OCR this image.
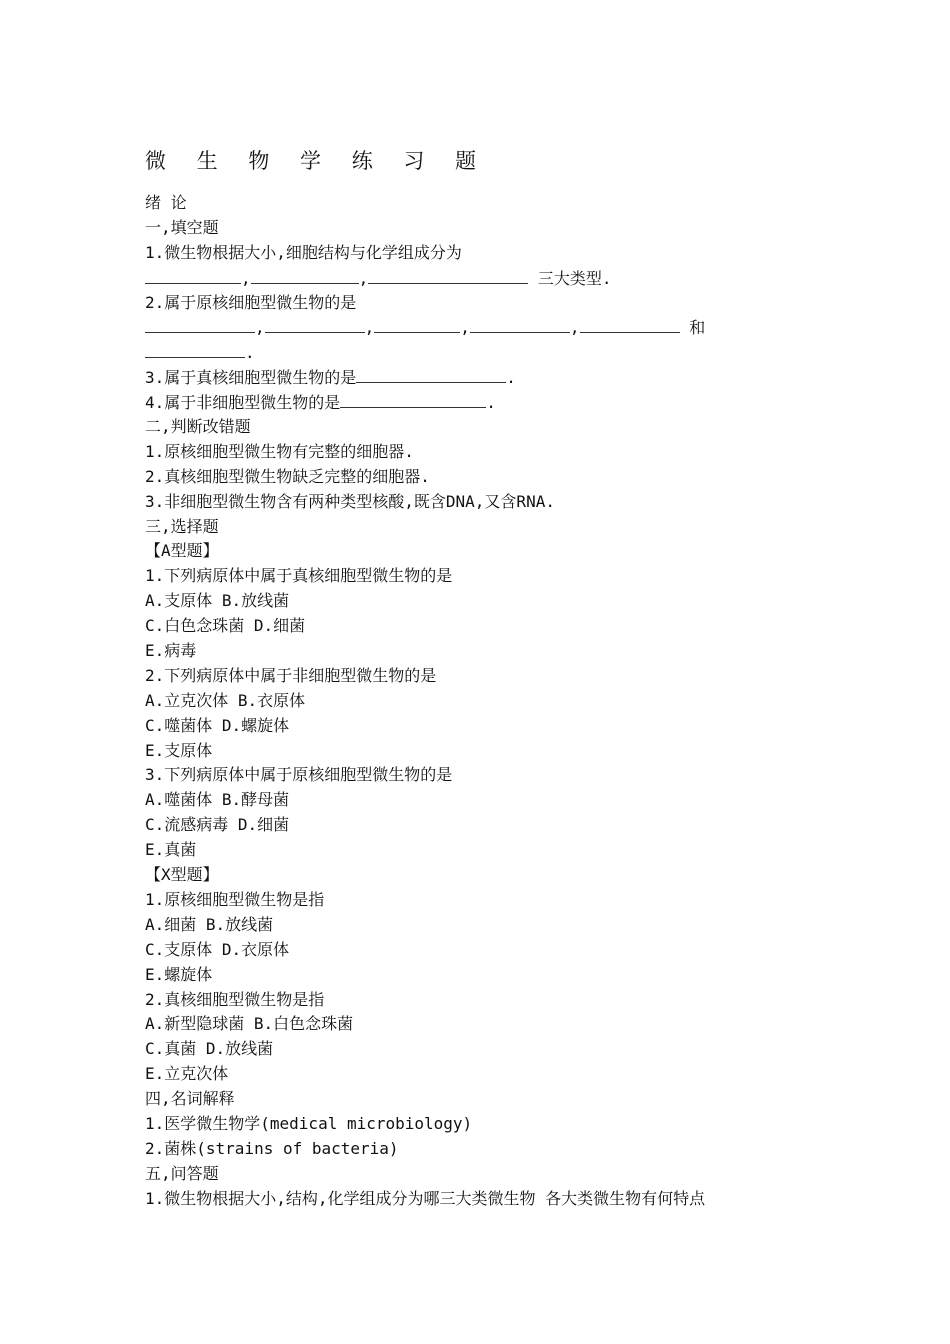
微 生 物 学 练 习 题
绪 论
一,填空题
1.微生物根据大小,细胞结构与化学组成分为
,	,	三大类型.
2.属于原核细胞型微生物的是
,	,	,	,	和
.
3.属于真核细胞型微生物的是	.
4.属于非细胞型微生物的是	.
二,判断改错题
1.原核细胞型微生物有完整的细胞器.
2.真核细胞型微生物缺乏完整的细胞器.
3.非细胞型微生物含有两种类型核酸,既含DNA,又含RNA.
三,选择题
【A型题】
1.下列病原体中属于真核细胞型微生物的是
A.支原体 B.放线菌
C.白色念珠菌 D.细菌
E.病毒
2.下列病原体中属于非细胞型微生物的是
A.立克次体 B.衣原体
C.噬菌体 D.螺旋体
E.支原体
3.下列病原体中属于原核细胞型微生物的是
A.噬菌体 B.酵母菌
C.流感病毒 D.细菌
E.真菌
【X型题】
1.原核细胞型微生物是指
A.细菌 B.放线菌
C.支原体 D.衣原体
E.螺旋体
2.真核细胞型微生物是指
A.新型隐球菌 B.白色念珠菌
C.真菌 D.放线菌
E.立克次体
四,名词解释
1.医学微生物学(medical microbiology)
2.菌株(strains of bacteria)
五,问答题
1.微生物根据大小,结构,化学组成分为哪三大类微生物 各大类微生物有何特点
